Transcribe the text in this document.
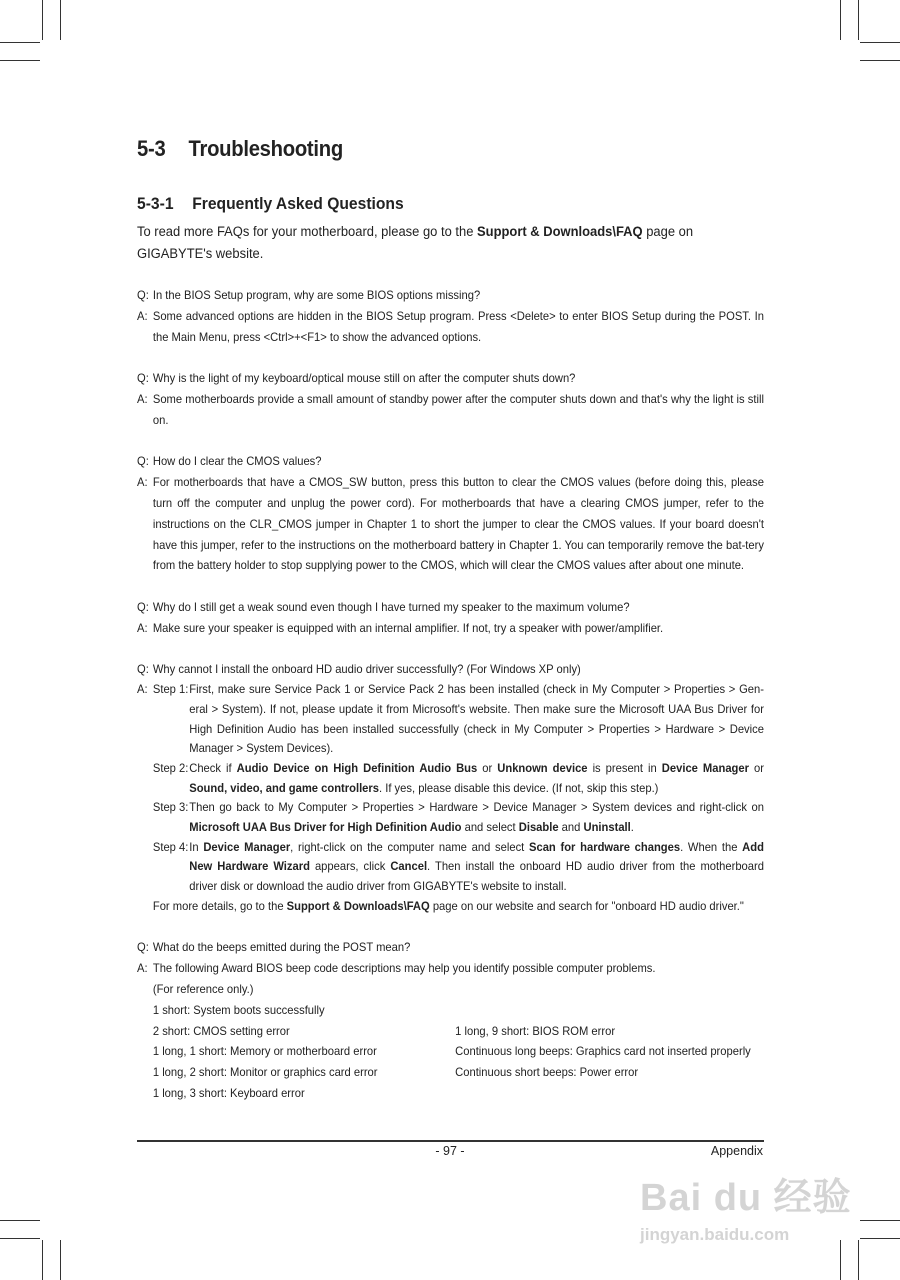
5-3 Troubleshooting
5-3-1 Frequently Asked Questions
To read more FAQs for your motherboard, please go to the Support & Downloads\FAQ page on GIGABYTE's website.
Q: In the BIOS Setup program, why are some BIOS options missing?
A: Some advanced options are hidden in the BIOS Setup program. Press <Delete> to enter BIOS Setup during the POST. In the Main Menu, press <Ctrl>+<F1> to show the advanced options.
Q: Why is the light of my keyboard/optical mouse still on after the computer shuts down?
A: Some motherboards provide a small amount of standby power after the computer shuts down and that's why the light is still on.
Q: How do I clear the CMOS values?
A: For motherboards that have a CMOS_SW button, press this button to clear the CMOS values (before doing this, please turn off the computer and unplug the power cord). For motherboards that have a clearing CMOS jumper, refer to the instructions on the CLR_CMOS jumper in Chapter 1 to short the jumper to clear the CMOS values. If your board doesn't have this jumper, refer to the instructions on the motherboard battery in Chapter 1. You can temporarily remove the bat-tery from the battery holder to stop supplying power to the CMOS, which will clear the CMOS values after about one minute.
Q: Why do I still get a weak sound even though I have turned my speaker to the maximum volume?
A: Make sure your speaker is equipped with an internal amplifier. If not, try a speaker with power/amplifier.
Q: Why cannot I install the onboard HD audio driver successfully? (For Windows XP only)
A: Step 1: First, make sure Service Pack 1 or Service Pack 2 has been installed (check in My Computer > Properties > Gen-eral > System). If not, please update it from Microsoft's website. Then make sure the Microsoft UAA Bus Driver for High Definition Audio has been installed successfully (check in My Computer > Properties > Hardware > Device Manager > System Devices).
Step 2: Check if Audio Device on High Definition Audio Bus or Unknown device is present in Device Manager or Sound, video, and game controllers. If yes, please disable this device. (If not, skip this step.)
Step 3: Then go back to My Computer > Properties > Hardware > Device Manager > System devices and right-click on Microsoft UAA Bus Driver for High Definition Audio and select Disable and Uninstall.
Step 4: In Device Manager, right-click on the computer name and select Scan for hardware changes. When the Add New Hardware Wizard appears, click Cancel. Then install the onboard HD audio driver from the motherboard driver disk or download the audio driver from GIGABYTE's website to install.
For more details, go to the Support & Downloads\FAQ page on our website and search for "onboard HD audio driver."
Q: What do the beeps emitted during the POST mean?
A: The following Award BIOS beep code descriptions may help you identify possible computer problems.
(For reference only.)
1 short: System boots successfully
2 short: CMOS setting error
1 long, 1 short: Memory or motherboard error
1 long, 2 short: Monitor or graphics card error
1 long, 3 short: Keyboard error

1 long, 9 short: BIOS ROM error
Continuous long beeps: Graphics card not inserted properly
Continuous short beeps: Power error
- 97 -	Appendix
Bai du 经验
jingyan.baidu.com
